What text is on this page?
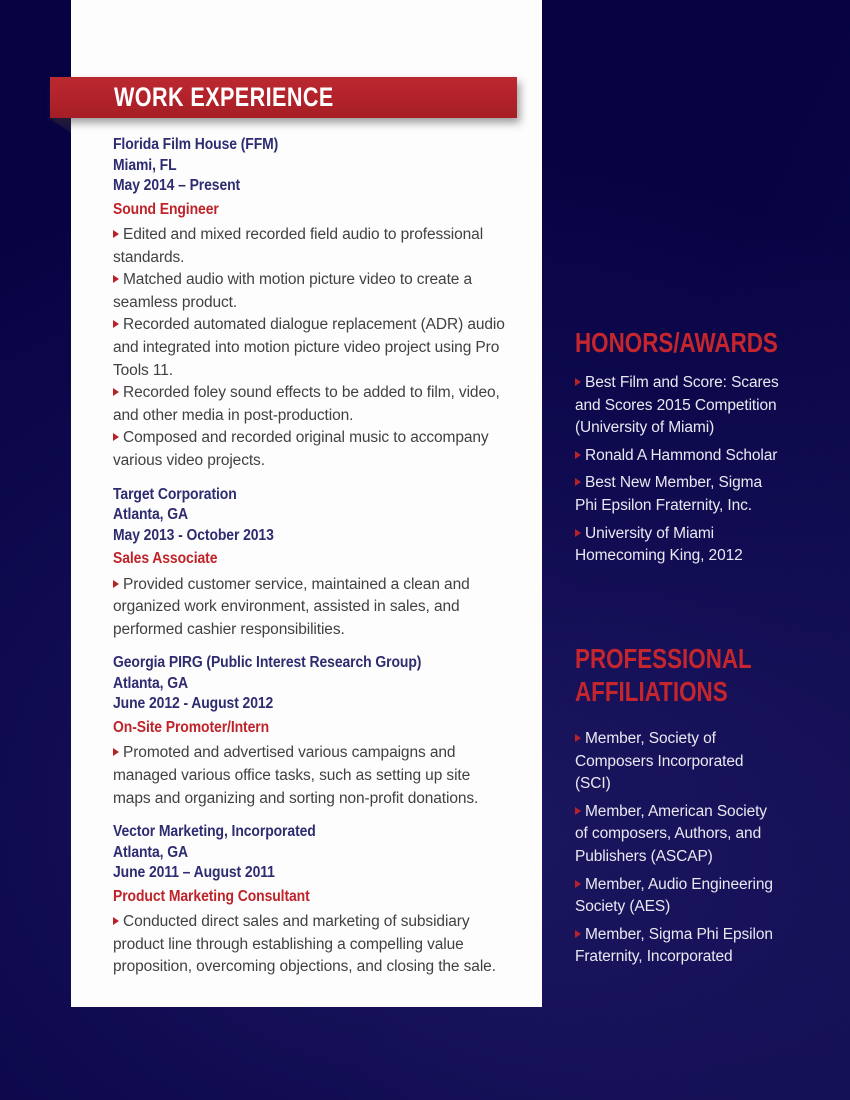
WORK EXPERIENCE
Florida Film House (FFM)
Miami, FL
May 2014 – Present
Sound Engineer

Edited and mixed recorded field audio to professional standards.

Matched audio with motion picture video to create a seamless product.

Recorded automated dialogue replacement (ADR) audio and integrated into motion picture video project using Pro Tools 11.

Recorded foley sound effects to be added to film, video, and other media in post-production.

Composed and recorded original music to accompany various video projects.

Target Corporation
Atlanta, GA
May 2013 - October 2013
Sales Associate

Provided customer service, maintained a clean and organized work environment, assisted in sales, and performed cashier responsibilities.

Georgia PIRG (Public Interest Research Group)
Atlanta, GA
June 2012 - August 2012
On-Site Promoter/Intern

Promoted and advertised various campaigns and managed various office tasks, such as setting up site maps and organizing and sorting non-profit donations.

Vector Marketing, Incorporated
Atlanta, GA
June 2011 – August 2011
Product Marketing Consultant

Conducted direct sales and marketing of subsidiary product line through establishing a compelling value proposition, overcoming objections, and closing the sale.

HONORS/AWARDS

Best Film and Score: Scares and Scores 2015 Competition (University of Miami)

Ronald A Hammond Scholar

Best New Member, Sigma Phi Epsilon Fraternity, Inc.

University of Miami Homecoming King, 2012

PROFESSIONAL AFFILIATIONS

Member, Society of Composers Incorporated (SCI)

Member, American Society of composers, Authors, and Publishers (ASCAP)

Member, Audio Engineering Society (AES)

Member, Sigma Phi Epsilon Fraternity, Incorporated
